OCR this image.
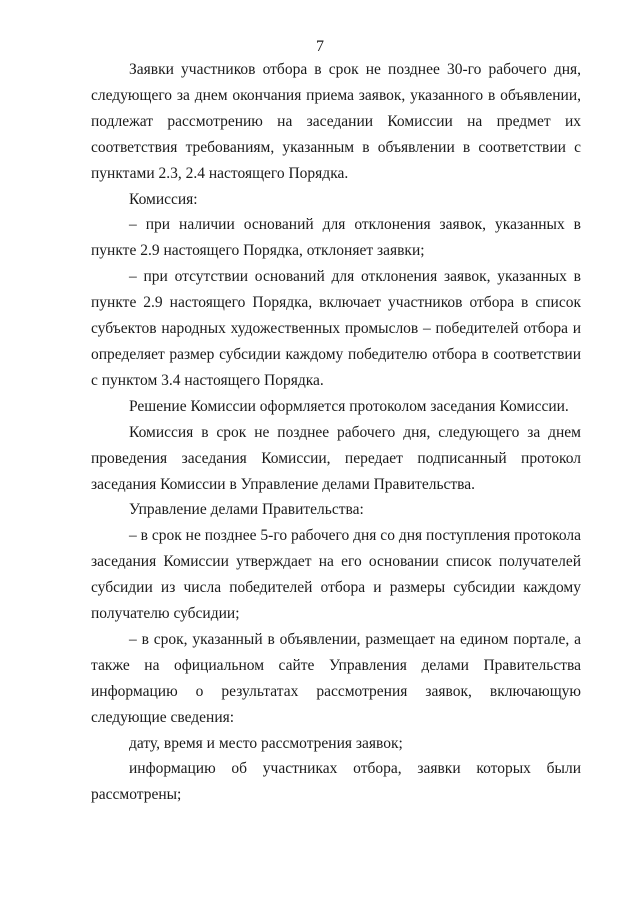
7

Заявки участников отбора в срок не позднее 30-го рабочего дня, следующего за днем окончания приема заявок, указанного в объявлении, подлежат рассмотрению на заседании Комиссии на предмет их соответствия требованиям, указанным в объявлении в соответствии с пунктами 2.3, 2.4 настоящего Порядка.

Комиссия:

– при наличии оснований для отклонения заявок, указанных в пункте 2.9 настоящего Порядка, отклоняет заявки;

– при отсутствии оснований для отклонения заявок, указанных в пункте 2.9 настоящего Порядка, включает участников отбора в список субъектов народных художественных промыслов – победителей отбора и определяет размер субсидии каждому победителю отбора в соответствии с пунктом 3.4 настоящего Порядка.

Решение Комиссии оформляется протоколом заседания Комиссии.

Комиссия в срок не позднее рабочего дня, следующего за днем проведения заседания Комиссии, передает подписанный протокол заседания Комиссии в Управление делами Правительства.

Управление делами Правительства:

– в срок не позднее 5-го рабочего дня со дня поступления протокола заседания Комиссии утверждает на его основании список получателей субсидии из числа победителей отбора и размеры субсидии каждому получателю субсидии;

– в срок, указанный в объявлении, размещает на едином портале, а также на официальном сайте Управления делами Правительства информацию о результатах рассмотрения заявок, включающую следующие сведения:

дату, время и место рассмотрения заявок;

информацию об участниках отбора, заявки которых были рассмотрены;
